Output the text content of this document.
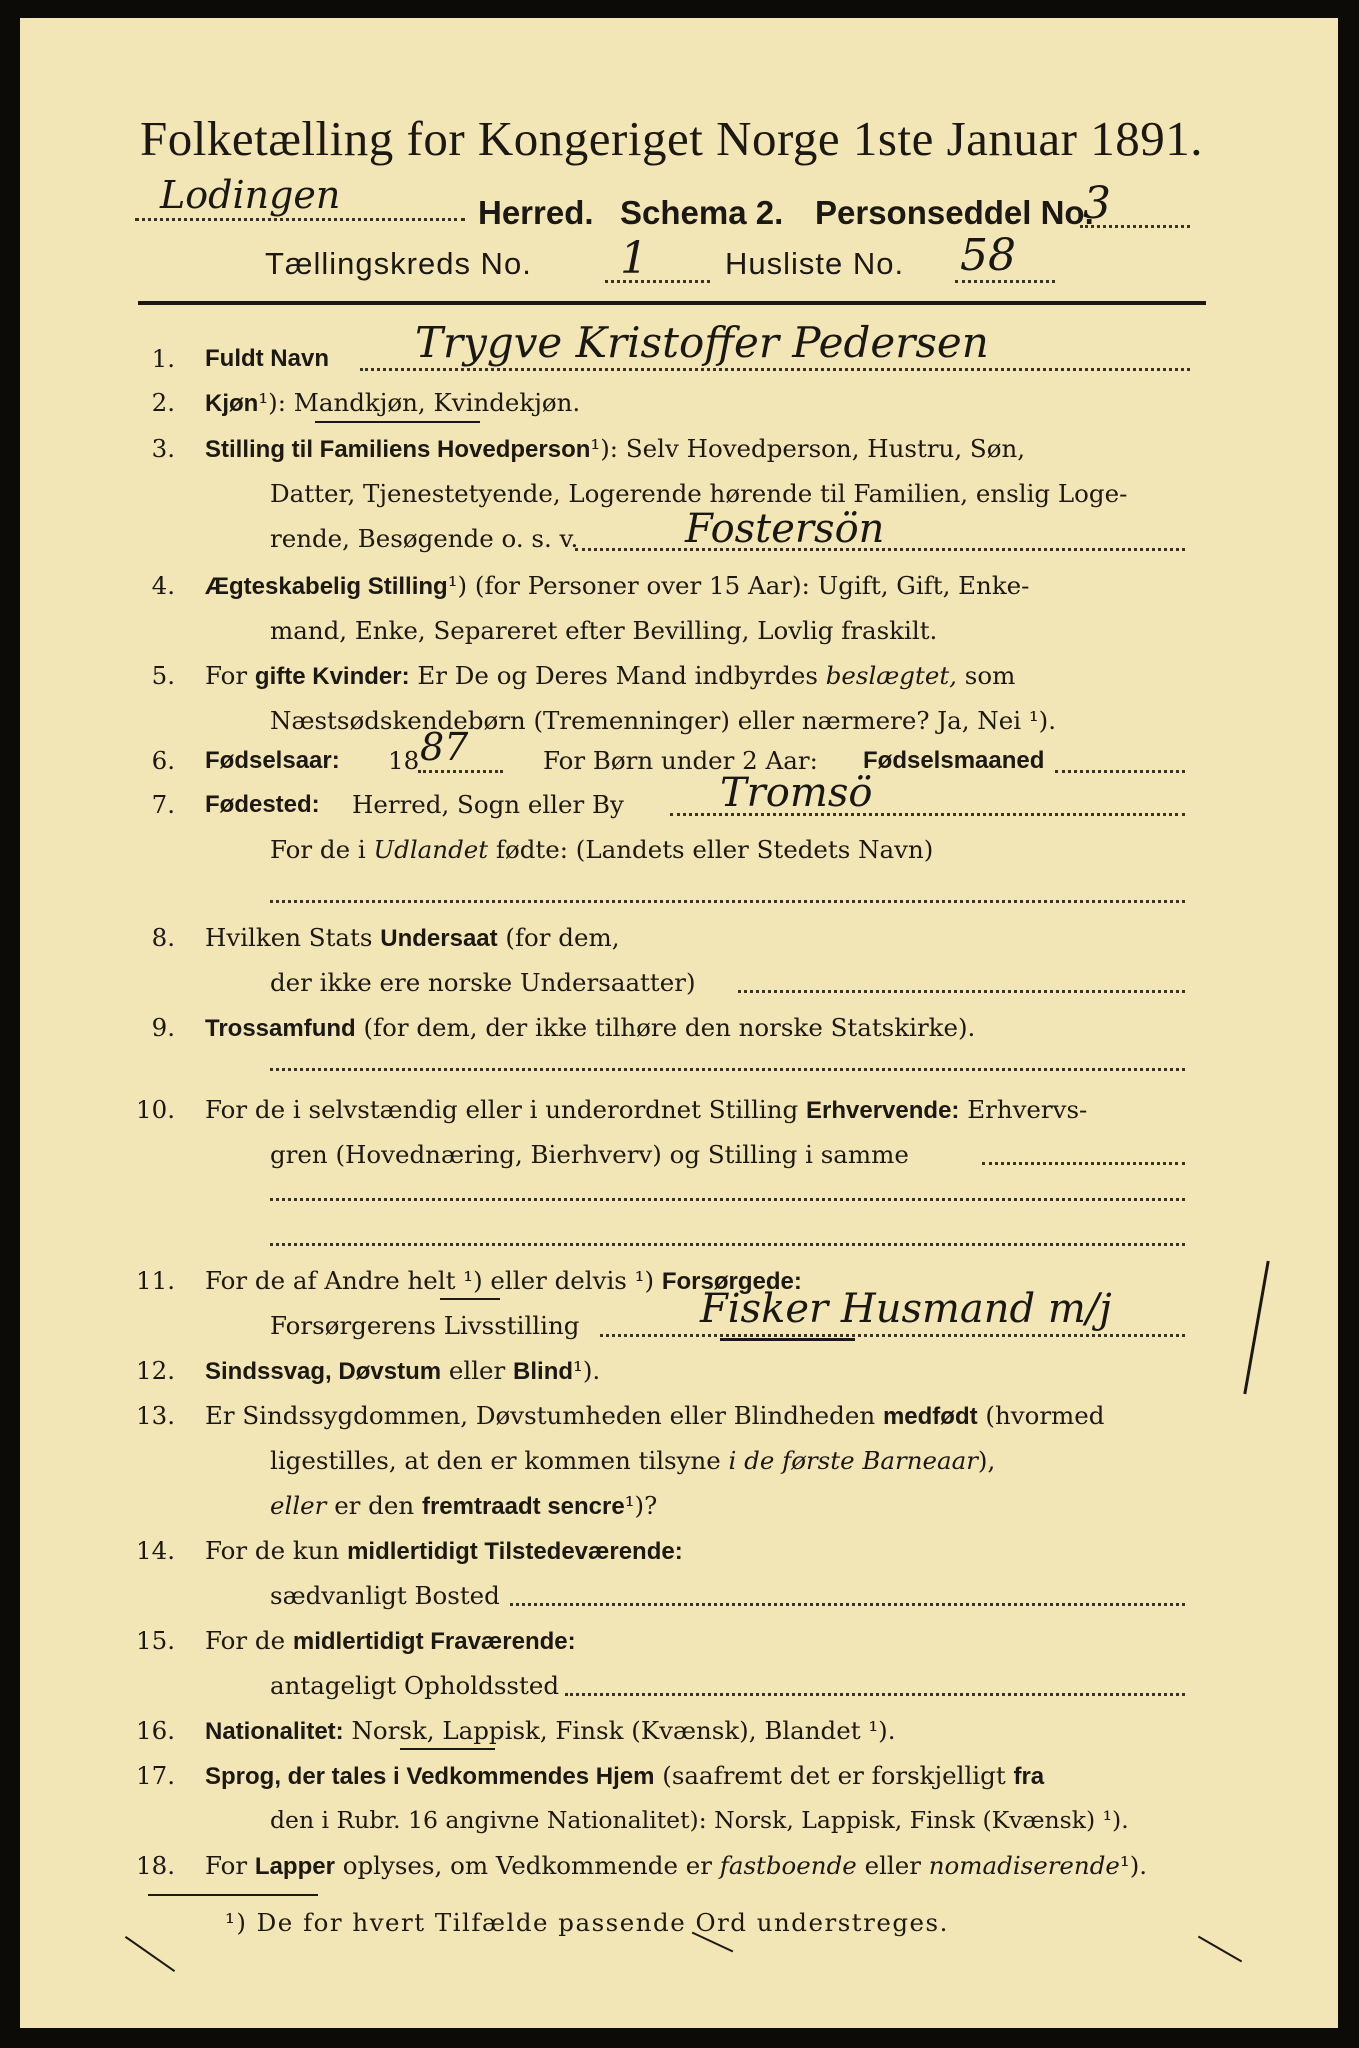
Folketælling for Kongeriget Norge 1ste Januar 1891.
Lodingen	Herred. Schema 2. Personseddel No.
3
Tællingskreds No. 1 Husliste No. 58
1. Fuldt Navn Trygve Kristoffer Pedersen
2. Kjøn¹): Mandkjøn, Kvindekjøn.
3. Stilling til Familiens Hovedperson¹): Selv Hovedperson, Hustru, Søn,
Datter, Tjenestetyende, Logerende hørende til Familien, enslig Loge-
rende, Besøgende o. s. v.	Fostersön
4. Ægteskabelig Stilling¹) (for Personer over 15 Aar): Ugift, Gift, Enke-
mand, Enke, Separeret efter Bevilling, Lovlig fraskilt.
5. For gifte Kvinder: Er De og Deres Mand indbyrdes beslægtet, som
Næstsødskendebørn (Tremenninger) eller nærmere? Ja, Nei ¹).
6. Fødselsaar: 18 87	For Børn under 2 Aar: Fødselsmaaned
7. Fødested: Herred, Sogn eller By Tromsö
For de i Udlandet fødte: (Landets eller Stedets Navn)
8. Hvilken Stats Undersaat (for dem,
der ikke ere norske Undersaatter)
9. Trossamfund (for dem, der ikke tilhøre den norske Statskirke).
10. For de i selvstændig eller i underordnet Stilling Erhvervende: Erhvervs-
gren (Hovednæring, Bierhverv) og Stilling i samme
11. For de af Andre helt ¹) eller delvis ¹) Forsørgede:
Forsørgerens Livsstilling	Fisker Husmand m/j
12. Sindssvag, Døvstum eller Blind¹).
13. Er Sindssygdommen, Døvstumheden eller Blindheden medfødt (hvormed
ligestilles, at den er kommen tilsyne i de første Barneaar),
eller er den fremtraadt sencre¹)?
14. For de kun midlertidigt Tilstedeværende:
sædvanligt Bosted
15. For de midlertidigt Fraværende:
antageligt Opholdssted
16. Nationalitet: Norsk, Lappisk, Finsk (Kvænsk), Blandet ¹).
17. Sprog, der tales i Vedkommendes Hjem (saafremt det er forskjelligt fra
den i Rubr. 16 angivne Nationalitet): Norsk, Lappisk, Finsk (Kvænsk) ¹).
18. For Lapper oplyses, om Vedkommende er fastboende eller nomadiserende¹).
¹) De for hvert Tilfælde passende Ord understreges.
